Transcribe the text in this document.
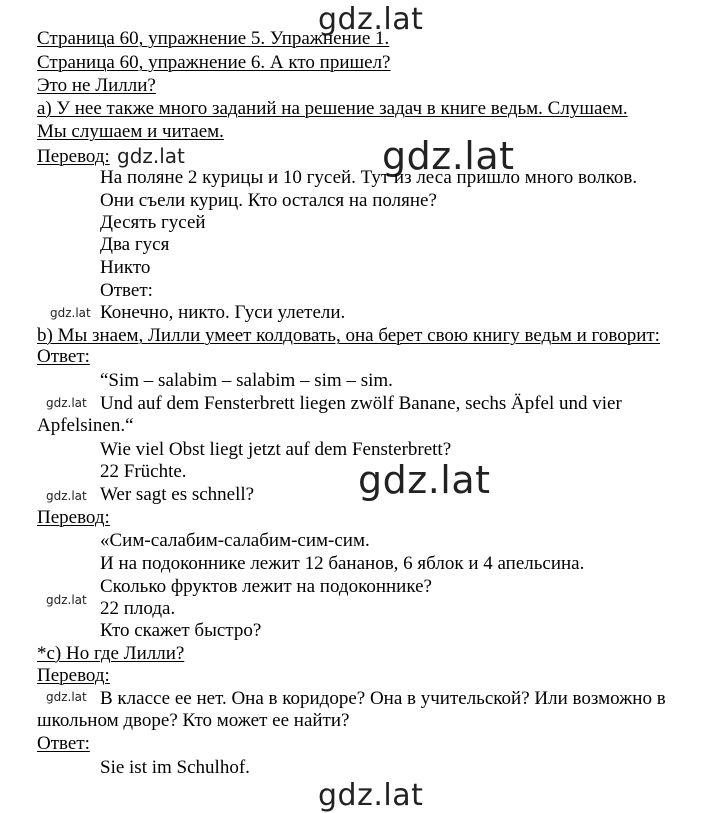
gdz.lat
Страница 60, упражнение 5. Упражнение 1.
Страница 60, упражнение 6. А кто пришел?
Это не Лилли?
а) У нее также много заданий на решение задач в книге ведьм. Слушаем.
Мы слушаем и читаем.
Перевод: gdz.lat	gdz.lat
На поляне 2 курицы и 10 гусей. Тут из леса пришло много волков.
Они съели куриц. Кто остался на поляне?
Десять гусей
Два гуся
Никто
Ответ:
gdz.lat Конечно, никто. Гуси улетели.
b) Мы знаем, Лилли умеет колдовать, она берет свою книгу ведьм и говорит:
Ответ:
“Sim – salabim – salabim – sim – sim.
gdz.lat Und auf dem Fensterbrett liegen zwölf Banane, sechs Äpfel und vier
Apfelsinen.“
Wie viel Obst liegt jetzt auf dem Fensterbrett?
22 Früchte.	gdz.lat
gdz.lat Wer sagt es schnell?
Перевод:
«Сим-салабим-салабим-сим-сим.
И на подоконнике лежит 12 бананов, 6 яблок и 4 апельсина.
Сколько фруктов лежит на подоконнике?
gdz.lat 22 плода.
Кто скажет быстро?
*с) Но где Лилли?
Перевод:
gdz.lat В классе ее нет. Она в коридоре? Она в учительской? Или возможно в
школьном дворе? Кто может ее найти?
Ответ:
Sie ist im Schulhof.
gdz.lat
